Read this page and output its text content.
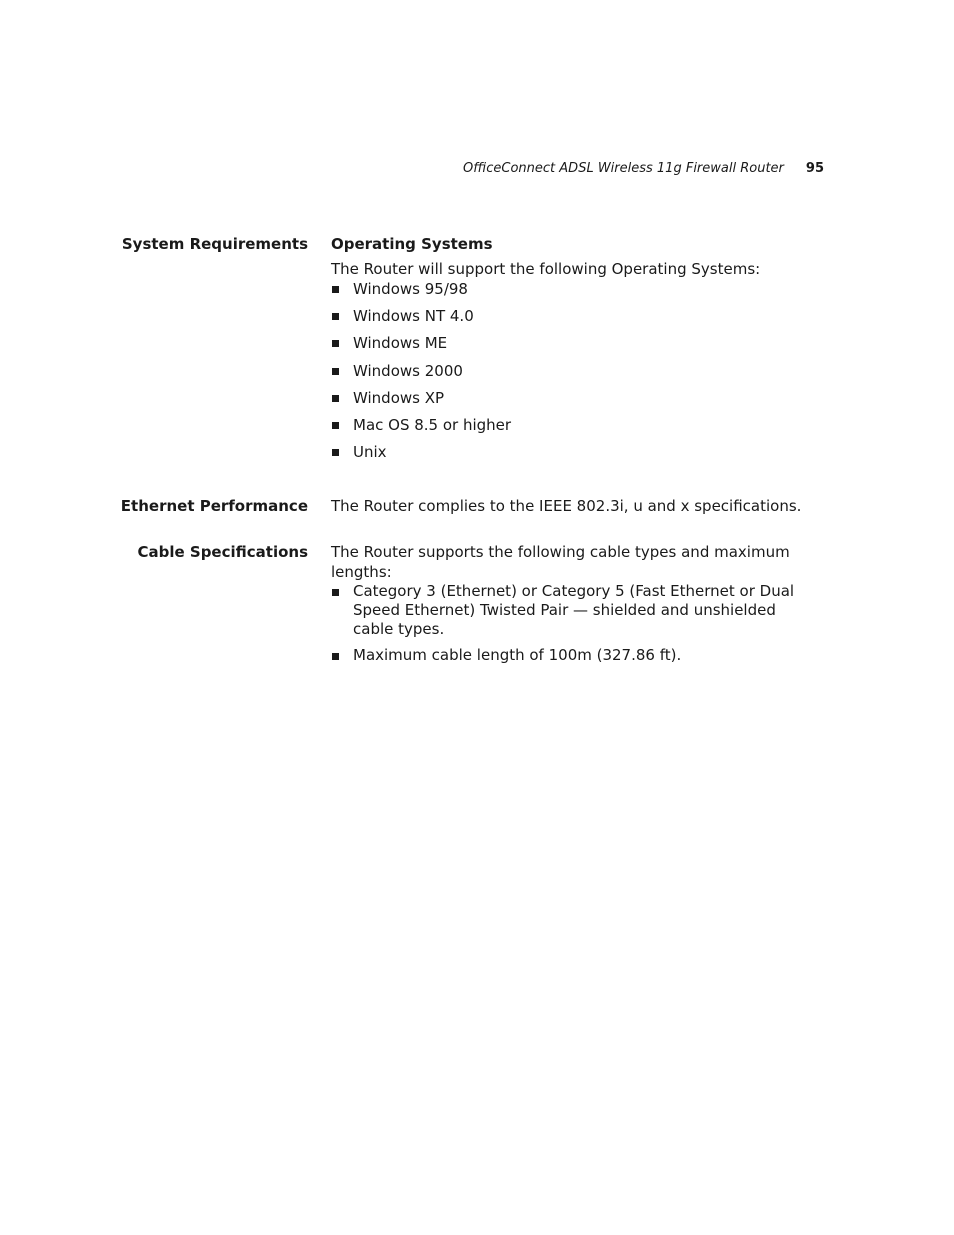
OfficeConnect ADSL Wireless 11g Firewall Router 95
System Requirements Operating Systems

The Router will support the following Operating Systems:

Windows 95/98
Windows NT 4.0
Windows ME
Windows 2000
Windows XP
Mac OS 8.5 or higher
Unix
Ethernet Performance The Router complies to the IEEE 802.3i, u and x specifications.

Cable Specifications The Router supports the following cable types and maximum lengths:

Category 3 (Ethernet) or Category 5 (Fast Ethernet or Dual Speed Ethernet) Twisted Pair — shielded and unshielded cable types.
Maximum cable length of 100m (327.86 ft).
